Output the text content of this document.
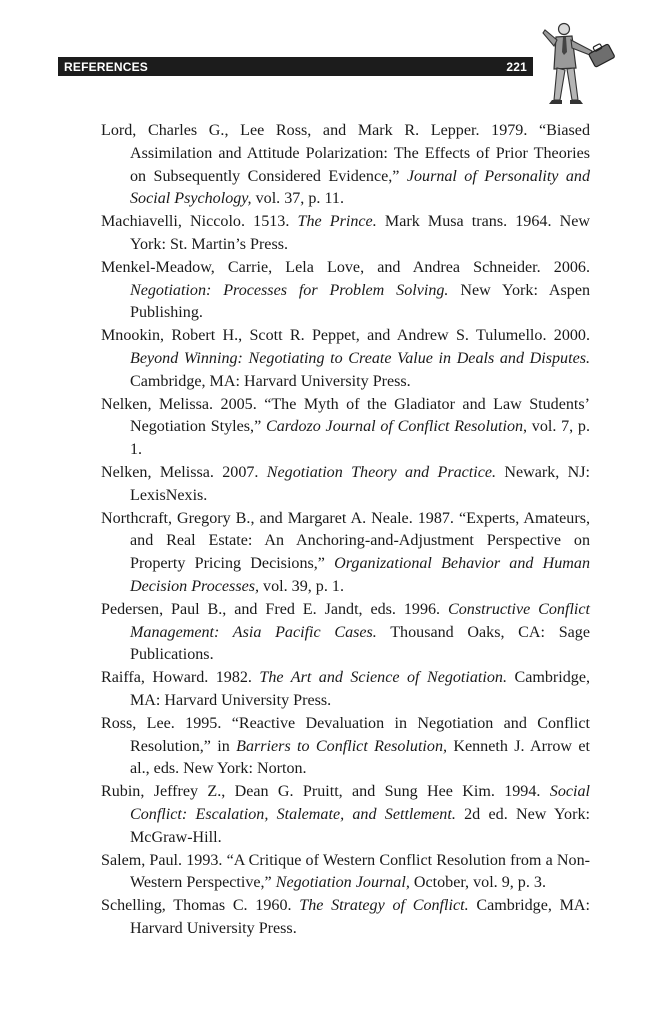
REFERENCES	221

Lord, Charles G., Lee Ross, and Mark R. Lepper. 1979. “Biased Assimilation and Attitude Polarization: The Effects of Prior Theories on Subsequently Considered Evidence,” Journal of Personality and Social Psychology, vol. 37, p. 11.

Machiavelli, Niccolo. 1513. The Prince. Mark Musa trans. 1964. New York: St. Martin’s Press.

Menkel-Meadow, Carrie, Lela Love, and Andrea Schneider. 2006. Negotiation: Processes for Problem Solving. New York: Aspen Publishing.

Mnookin, Robert H., Scott R. Peppet, and Andrew S. Tulumello. 2000. Beyond Winning: Negotiating to Create Value in Deals and Disputes. Cambridge, MA: Harvard University Press.

Nelken, Melissa. 2005. “The Myth of the Gladiator and Law Students’ Negotiation Styles,” Cardozo Journal of Conflict Resolution, vol. 7, p. 1.

Nelken, Melissa. 2007. Negotiation Theory and Practice. Newark, NJ: LexisNexis.

Northcraft, Gregory B., and Margaret A. Neale. 1987. “Experts, Amateurs, and Real Estate: An Anchoring-and-Adjustment Perspective on Property Pricing Decisions,” Organizational Behavior and Human Decision Processes, vol. 39, p. 1.

Pedersen, Paul B., and Fred E. Jandt, eds. 1996. Constructive Conflict Management: Asia Pacific Cases. Thousand Oaks, CA: Sage Publications.

Raiffa, Howard. 1982. The Art and Science of Negotiation. Cambridge, MA: Harvard University Press.

Ross, Lee. 1995. “Reactive Devaluation in Negotiation and Conflict Resolution,” in Barriers to Conflict Resolution, Kenneth J. Arrow et al., eds. New York: Norton.

Rubin, Jeffrey Z., Dean G. Pruitt, and Sung Hee Kim. 1994. Social Conflict: Escalation, Stalemate, and Settlement. 2d ed. New York: McGraw-Hill.

Salem, Paul. 1993. “A Critique of Western Conflict Resolution from a Non-Western Perspective,” Negotiation Journal, October, vol. 9, p. 3.

Schelling, Thomas C. 1960. The Strategy of Conflict. Cambridge, MA: Harvard University Press.
